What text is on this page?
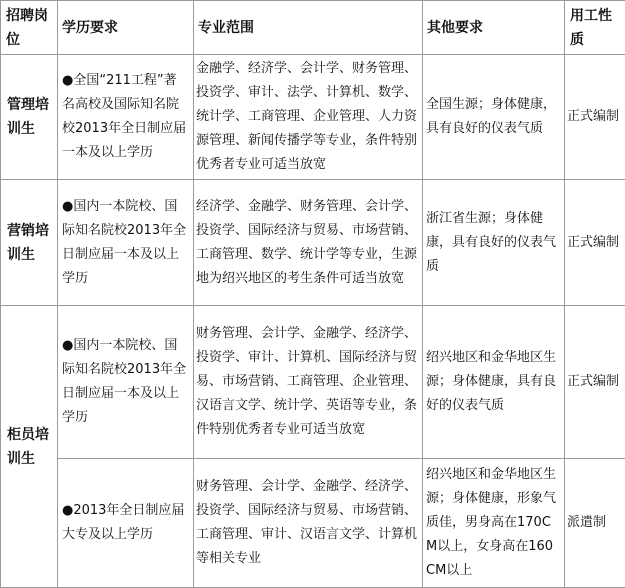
招聘岗位	学历要求	专业范围	其他要求	用工性质
管理培训生	●全国“211工程”著名高校及国际知名院校2013年全日制应届一本及以上学历	金融学、经济学、会计学、财务管理、投资学、审计、法学、计算机、数学、统计学、工商管理、企业管理、人力资源管理、新闻传播学等专业，条件特别优秀者专业可适当放宽	全国生源；身体健康，具有良好的仪表气质	正式编制
营销培训生	●国内一本院校、国际知名院校2013年全日制应届一本及以上学历	经济学、金融学、财务管理、会计学、投资学、国际经济与贸易、市场营销、工商管理、数学、统计学等专业，生源地为绍兴地区的考生条件可适当放宽	浙江省生源；身体健康，具有良好的仪表气质	正式编制
柜员培训生	●国内一本院校、国际知名院校2013年全日制应届一本及以上学历	财务管理、会计学、金融学、经济学、投资学、审计、计算机、国际经济与贸易、市场营销、工商管理、企业管理、汉语言文学、统计学、英语等专业，条件特别优秀者专业可适当放宽	绍兴地区和金华地区生源；身体健康，具有良好的仪表气质	正式编制
	●2013年全日制应届大专及以上学历	财务管理、会计学、金融学、经济学、投资学、国际经济与贸易、市场营销、工商管理、审计、汉语言文学、计算机等相关专业	绍兴地区和金华地区生源；身体健康，形象气质佳，男身高在170CM以上，女身高在160CM以上	派遣制
